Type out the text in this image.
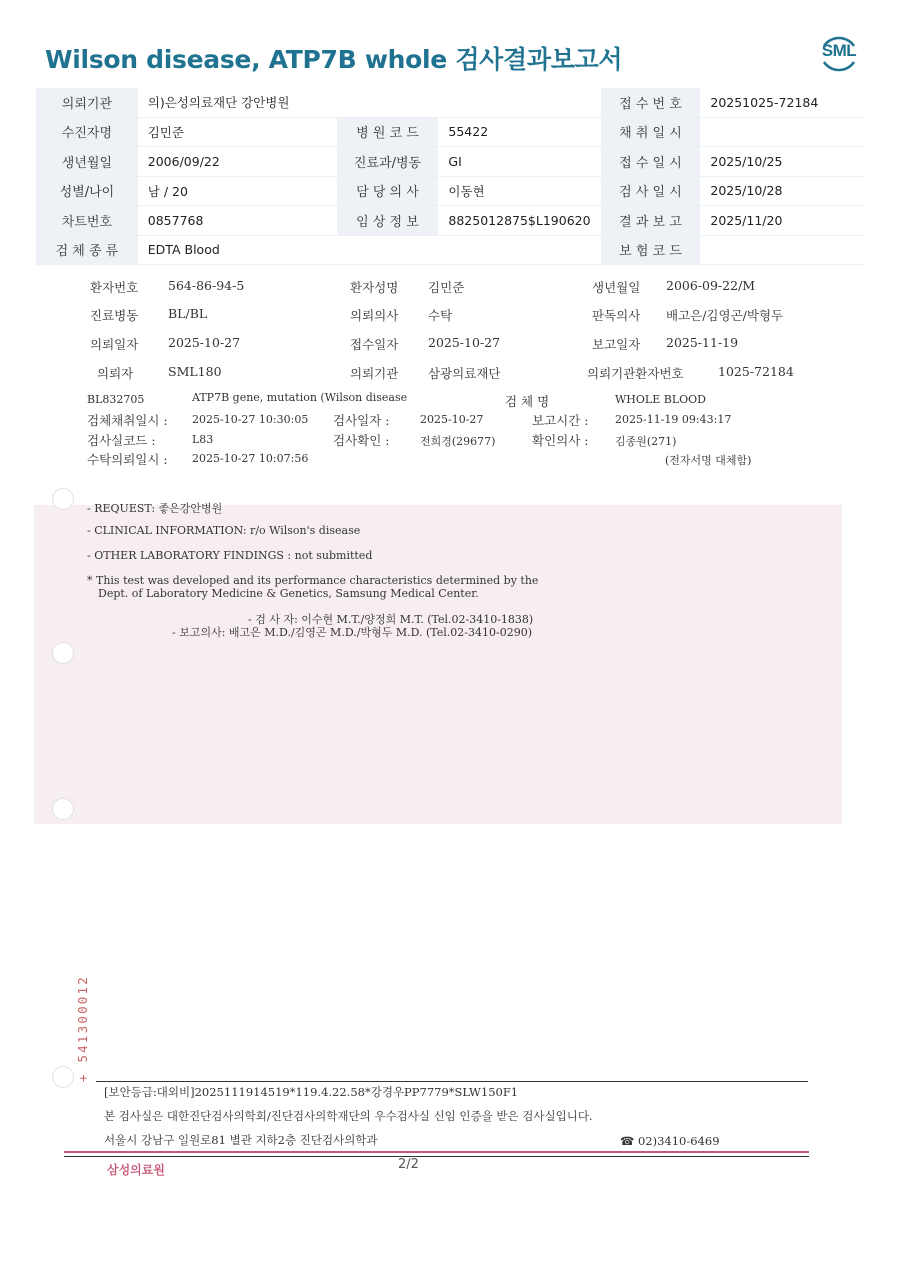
Wilson disease, ATP7B whole 검사결과보고서	SML
의뢰기관	의)은성의료재단 강안병원			접 수 번 호	20251025-72184
수진자명	김민준	병 원 코 드	55422	채 취 일 시	
생년월일	2006/09/22	진료과/병동	GI	접 수 일 시	2025/10/25
성별/나이	남 / 20	담 당 의 사	이동현	검 사 일 시	2025/10/28
차트번호	0857768	임 상 정 보	8825012875$L190620	결 과 보 고	2025/11/20
검 체 종 류	EDTA Blood			보 험 코 드	
환자번호 564-86-94-5	환자성명 김민준	생년월일 2006-09-22/M
진료병동 BL/BL	의뢰의사 수탁	판독의사 배고은/김영곤/박형두
의뢰일자 2025-10-27	접수일자 2025-10-27	보고일자 2025-11-19
의뢰자	SML180	의뢰기관 삼광의료재단	의뢰기관환자번호	1025-72184
BL832705	ATP7B gene, mutation (Wilson disease	검 체 명	WHOLE BLOOD
검체채취일시 : 2025-10-27 10:30:05 검사일자 :	2025-10-27	보고시간 : 2025-11-19 09:43:17
검사실코드 :	L83	검사확인 :	전희경(29677)	확인의사 : 김종원(271)
수탁의뢰일시 : 2025-10-27 10:07:56	(전자서명 대체함)
- REQUEST: 좋은강안병원
- CLINICAL INFORMATION: r/o Wilson's disease
- OTHER LABORATORY FINDINGS : not submitted
* This test was developed and its performance characteristics determined by the
Dept. of Laboratory Medicine & Genetics, Samsung Medical Center.
- 검 사 자: 이수현 M.T./양정희 M.T. (Tel.02-3410-1838)
- 보고의사: 배고은 M.D./김영곤 M.D./박형두 M.D. (Tel.02-3410-0290)
+ 541300012
[보안등급:대외비]2025111914519*119.4.22.58*강경우PP7779*SLW150F1
본 검사실은 대한진단검사의학회/진단검사의학재단의 우수검사실 신임 인증을 받은 검사실입니다.
서울시 강남구 일원로81 별관 지하2층 진단검사의학과	☎ 02)3410-6469
삼성의료원	2/2
